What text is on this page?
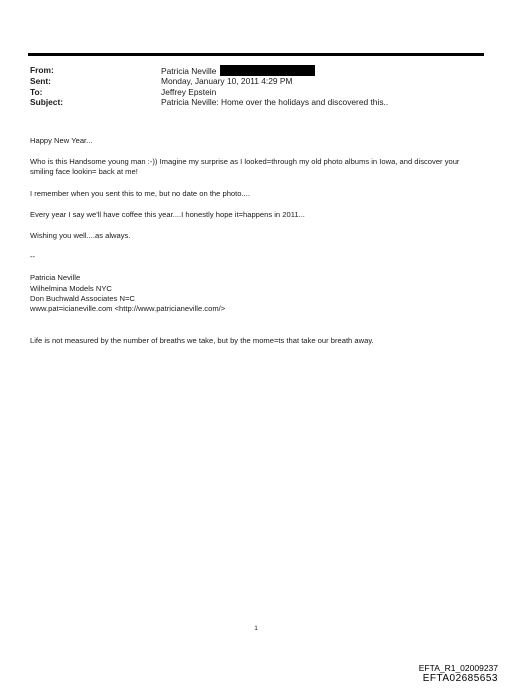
From:	Patricia Neville
Sent:	Monday, January 10, 2011 4:29 PM
To:	Jeffrey Epstein
Subject:	Patricia Neville: Home over the holidays and discovered this..

Happy New Year...

Who is this Handsome young man :-)) Imagine my surprise as I looked=through my old photo albums in Iowa, and discover your smiling face lookin= back at me!

I remember when you sent this to me, but no date on the photo....

Every year I say we'll have coffee this year....I honestly hope it=happens in 2011...

Wishing you well....as always.

--

Patricia Neville

Wilhelmina Models NYC

Don Buchwald Associates N=C

www.pat=icianeville.com <http://www.patricianeville.com/>

Life is not measured by the number of breaths we take, but by the mome=ts that take our breath away.

1
EFTA_R1_02009237
EFTA02685653
